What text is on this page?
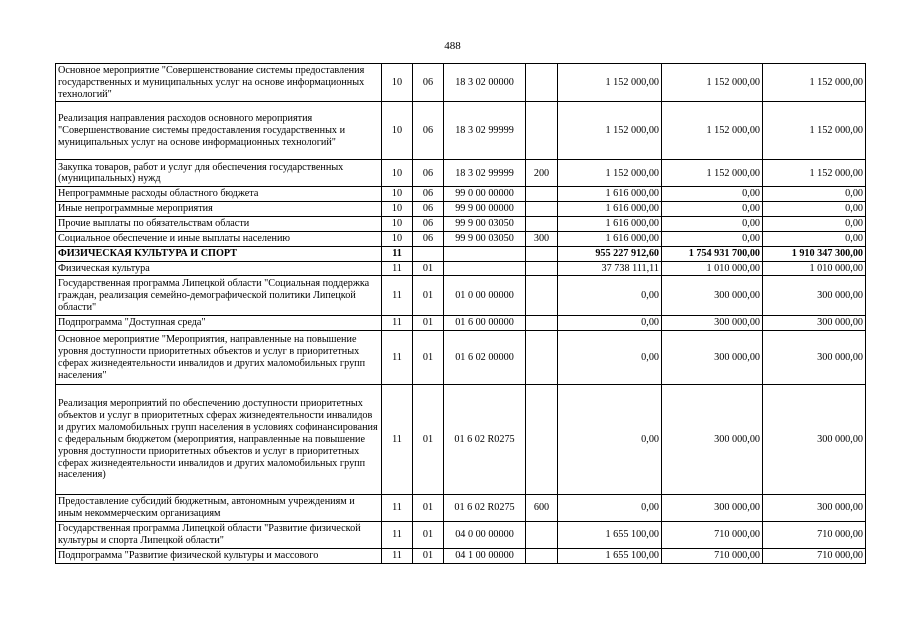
488
Основное мероприятие "Совершенствование системы предоставления государственных и муниципальных услуг на основе информационных технологий"	10	06	18 3 02 00000		1 152 000,00	1 152 000,00	1 152 000,00
Реализация направления расходов основного мероприятия "Совершенствование системы предоставления государственных и муниципальных услуг на основе информационных технологий"	10	06	18 3 02 99999		1 152 000,00	1 152 000,00	1 152 000,00
Закупка товаров, работ и услуг для обеспечения государственных (муниципальных) нужд	10	06	18 3 02 99999	200	1 152 000,00	1 152 000,00	1 152 000,00
Непрограммные расходы областного бюджета	10	06	99 0 00 00000		1 616 000,00	0,00	0,00
Иные непрограммные мероприятия	10	06	99 9 00 00000		1 616 000,00	0,00	0,00
Прочие выплаты по обязательствам области	10	06	99 9 00 03050		1 616 000,00	0,00	0,00
Социальное обеспечение и иные выплаты населению	10	06	99 9 00 03050	300	1 616 000,00	0,00	0,00
ФИЗИЧЕСКАЯ КУЛЬТУРА И СПОРТ	11				955 227 912,60	1 754 931 700,00	1 910 347 300,00
Физическая культура	11	01			37 738 111,11	1 010 000,00	1 010 000,00
Государственная программа Липецкой области "Социальная поддержка граждан, реализация семейно-демографической политики Липецкой области"	11	01	01 0 00 00000		0,00	300 000,00	300 000,00
Подпрограмма "Доступная среда"	11	01	01 6 00 00000		0,00	300 000,00	300 000,00
Основное мероприятие "Мероприятия, направленные на повышение уровня доступности приоритетных объектов и услуг в приоритетных сферах жизнедеятельности инвалидов и других маломобильных групп населения"	11	01	01 6 02 00000		0,00	300 000,00	300 000,00
Реализация мероприятий по обеспечению доступности приоритетных объектов и услуг в приоритетных сферах жизнедеятельности инвалидов и других маломобильных групп населения в условиях софинансирования с федеральным бюджетом (мероприятия, направленные на повышение уровня доступности приоритетных объектов и услуг в приоритетных сферах жизнедеятельности инвалидов и других маломобильных групп населения)	11	01	01 6 02 R0275		0,00	300 000,00	300 000,00
Предоставление субсидий бюджетным, автономным учреждениям и иным некоммерческим организациям	11	01	01 6 02 R0275	600	0,00	300 000,00	300 000,00
Государственная программа Липецкой области "Развитие физической культуры и спорта Липецкой области"	11	01	04 0 00 00000		1 655 100,00	710 000,00	710 000,00
Подпрограмма "Развитие физической культуры и массового	11	01	04 1 00 00000		1 655 100,00	710 000,00	710 000,00
